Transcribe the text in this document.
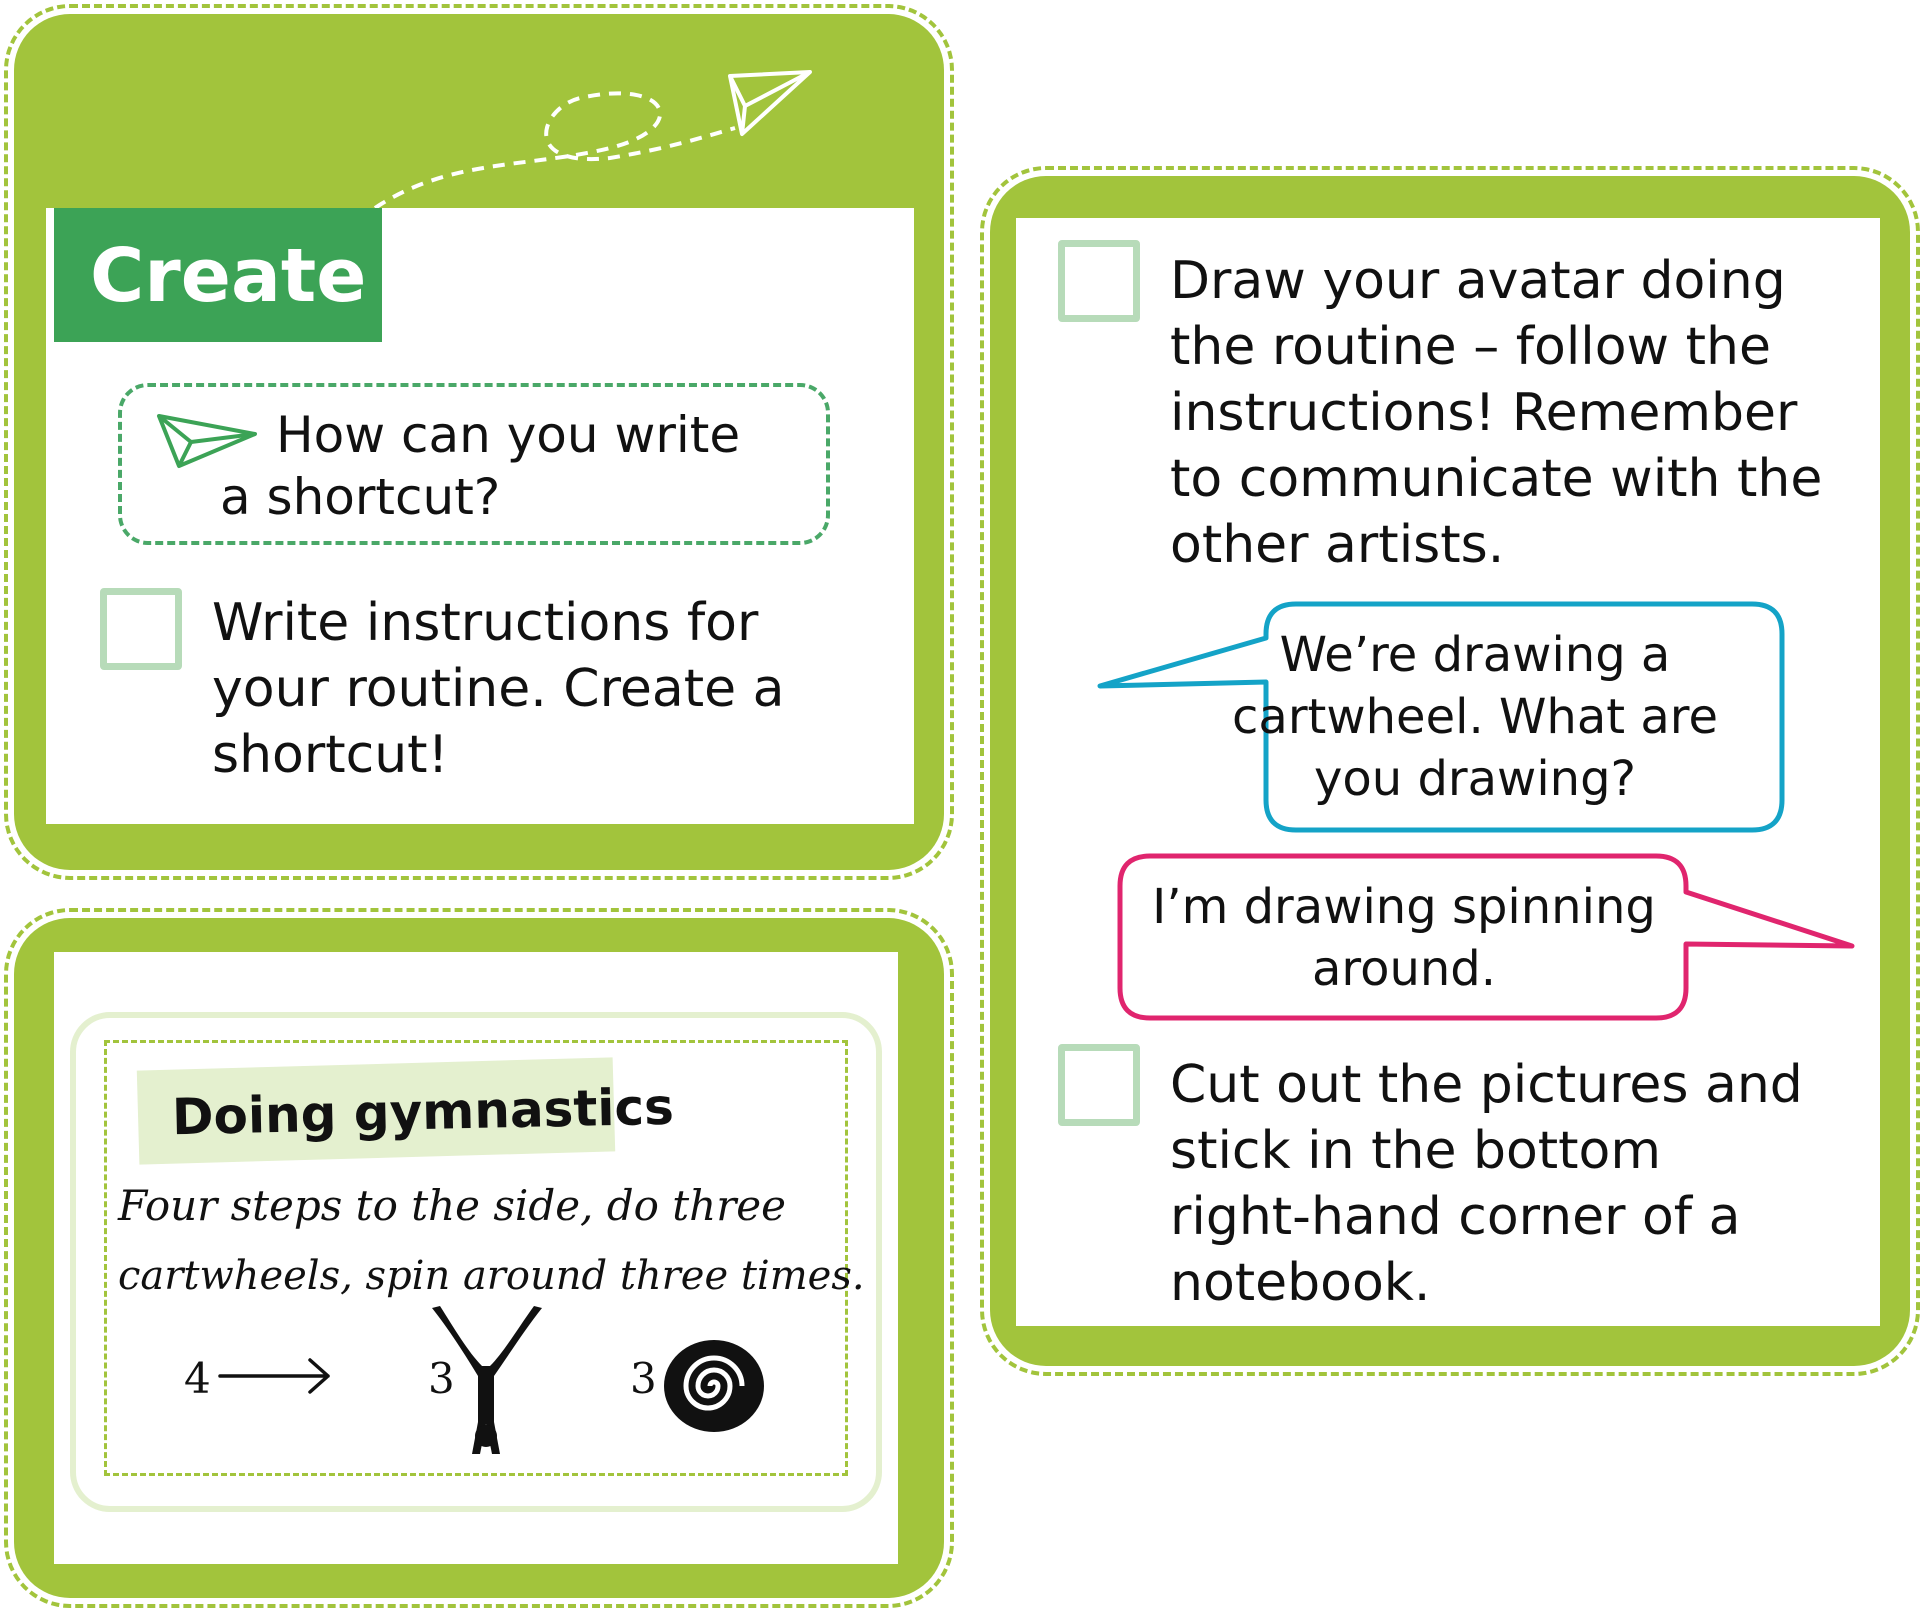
Create

How can you write

a shortcut?

Write instructions for

your routine. Create a

shortcut!

Doing gymnastics

Four steps to the side, do three

cartwheels, spin around three times.

4	3	3

Draw your avatar doing

the routine – follow the

instructions! Remember

to communicate with the

other artists.

We’re drawing a

cartwheel. What are

you drawing?

I’m drawing spinning

around.

Cut out the pictures and

stick in the bottom

right-hand corner of a

notebook.
